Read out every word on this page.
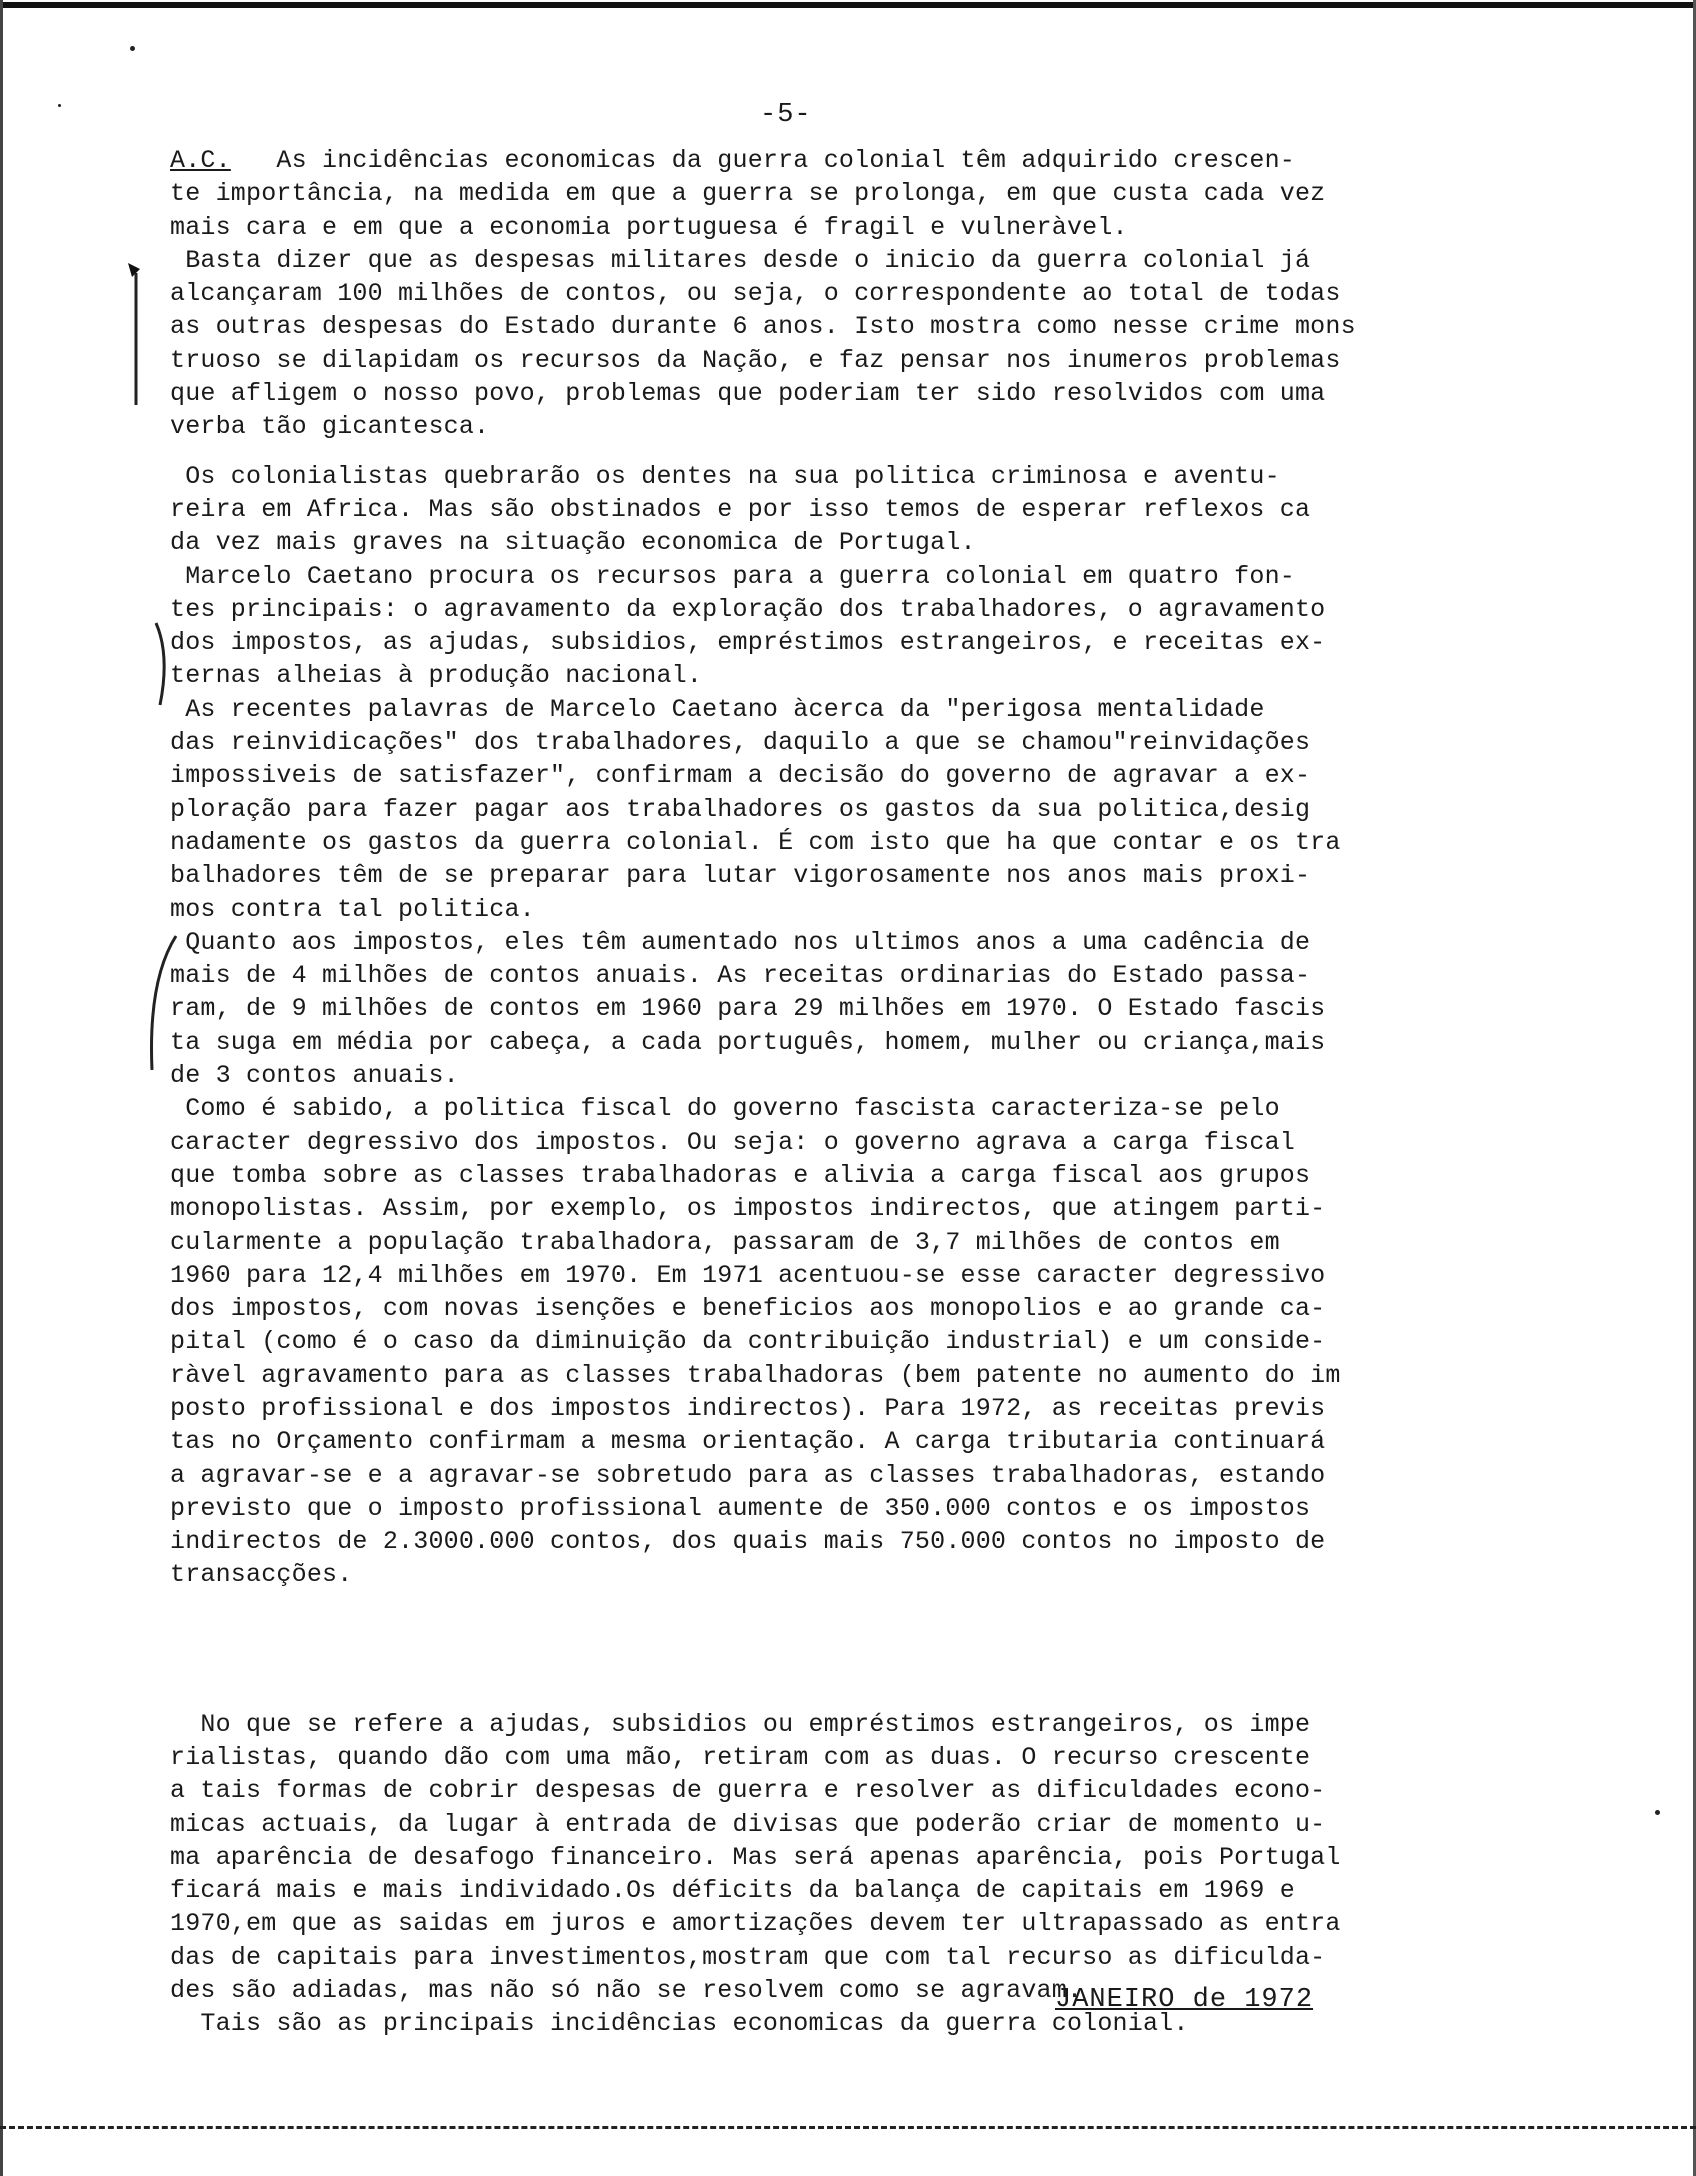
-5-
A.C.   As incidências economicas da guerra colonial têm adquirido crescen-
te importância, na medida em que a guerra se prolonga, em que custa cada vez
mais cara e em que a economia portuguesa é fragil e vulneràvel.
Basta dizer que as despesas militares desde o inicio da guerra colonial já
alcançaram 100 milhões de contos, ou seja, o correspondente ao total de todas
as outras despesas do Estado durante 6 anos. Isto mostra como nesse crime mons
truoso se dilapidam os recursos da Nação, e faz pensar nos inumeros problemas
que afligem o nosso povo, problemas que poderiam ter sido resolvidos com uma
verba tão gicantesca.
Os colonialistas quebrarão os dentes na sua politica criminosa e aventu-
reira em Africa. Mas são obstinados e por isso temos de esperar reflexos ca
da vez mais graves na situação economica de Portugal.
Marcelo Caetano procura os recursos para a guerra colonial em quatro fon-
tes principais: o agravamento da exploração dos trabalhadores, o agravamento
dos impostos, as ajudas, subsidios, empréstimos estrangeiros, e receitas ex-
ternas alheias à produção nacional.
As recentes palavras de Marcelo Caetano àcerca da "perigosa mentalidade
das reinvidicações" dos trabalhadores, daquilo a que se chamou"reinvidações
impossiveis de satisfazer", confirmam a decisão do governo de agravar a ex-
ploração para fazer pagar aos trabalhadores os gastos da sua politica,desig
nadamente os gastos da guerra colonial. É com isto que ha que contar e os tra
balhadores têm de se preparar para lutar vigorosamente nos anos mais proxi-
mos contra tal politica.
Quanto aos impostos, eles têm aumentado nos ultimos anos a uma cadência de
mais de 4 milhões de contos anuais. As receitas ordinarias do Estado passa-
ram, de 9 milhões de contos em 1960 para 29 milhões em 1970. O Estado fascis
ta suga em média por cabeça, a cada português, homem, mulher ou criança,mais
de 3 contos anuais.
Como é sabido, a politica fiscal do governo fascista caracteriza-se pelo
caracter degressivo dos impostos. Ou seja: o governo agrava a carga fiscal
que tomba sobre as classes trabalhadoras e alivia a carga fiscal aos grupos
monopolistas. Assim, por exemplo, os impostos indirectos, que atingem parti-
cularmente a população trabalhadora, passaram de 3,7 milhões de contos em
1960 para 12,4 milhões em 1970. Em 1971 acentuou-se esse caracter degressivo
dos impostos, com novas isenções e beneficios aos monopolios e ao grande ca-
pital (como é o caso da diminuição da contribuição industrial) e um conside-
ràvel agravamento para as classes trabalhadoras (bem patente no aumento do im
posto profissional e dos impostos indirectos). Para 1972, as receitas previs
tas no Orçamento confirmam a mesma orientação. A carga tributaria continuará
a agravar-se e a agravar-se sobretudo para as classes trabalhadoras, estando
previsto que o imposto profissional aumente de 350.000 contos e os impostos
indirectos de 2.3000.000 contos, dos quais mais 750.000 contos no imposto de
transacções.
No que se refere a ajudas, subsidios ou empréstimos estrangeiros, os impe
rialistas, quando dão com uma mão, retiram com as duas. O recurso crescente
a tais formas de cobrir despesas de guerra e resolver as dificuldades econo-
micas actuais, da lugar à entrada de divisas que poderão criar de momento u-
ma aparência de desafogo financeiro. Mas será apenas aparência, pois Portugal
ficará mais e mais individado.Os déficits da balança de capitais em 1969 e
1970,em que as saidas em juros e amortizações devem ter ultrapassado as entra
das de capitais para investimentos,mostram que com tal recurso as dificulda-
des são adiadas, mas não só não se resolvem como se agravam.
Tais são as principais incidências economicas da guerra colonial.
JANEIRO de 1972
